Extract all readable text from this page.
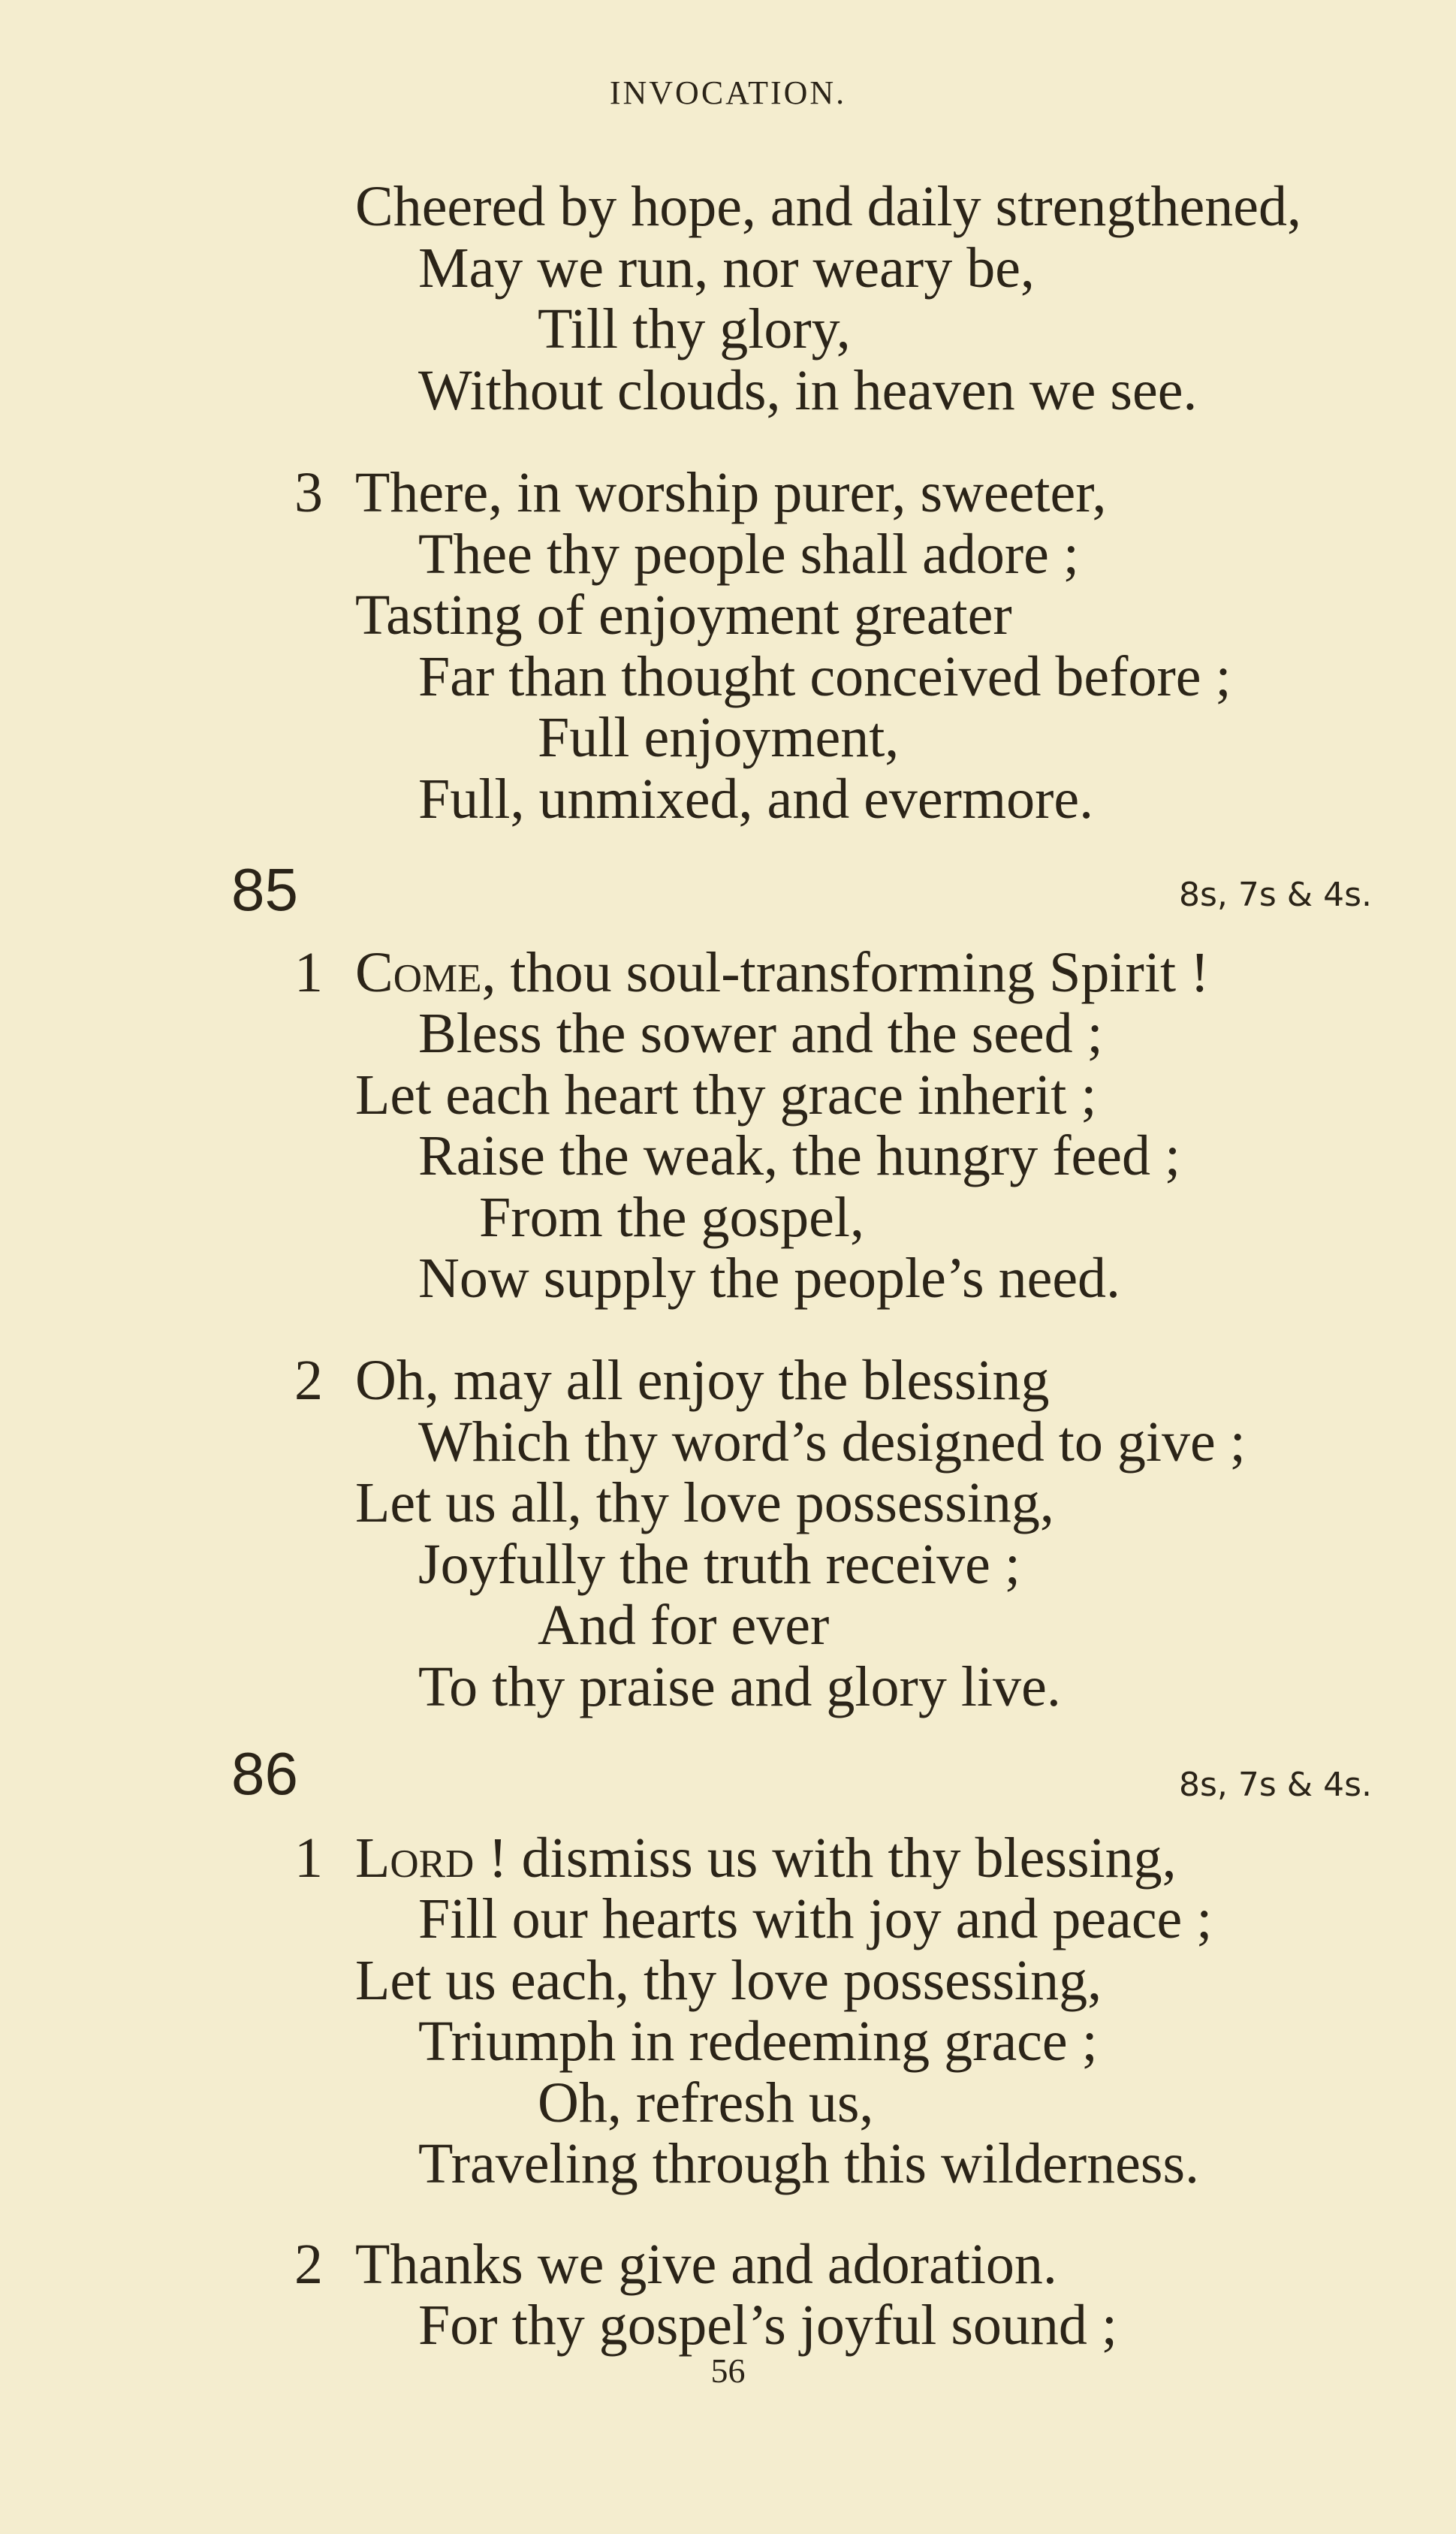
INVOCATION.
Cheered by hope, and daily strengthened,
May we run, nor weary be,
Till thy glory,
Without clouds, in heaven we see.
3 There, in worship purer, sweeter,
Thee thy people shall adore ;
Tasting of enjoyment greater
Far than thought conceived before ;
Full enjoyment,
Full, unmixed, and evermore.
85	8s, 7s & 4s.
1 Come, thou soul-transforming Spirit !
Bless the sower and the seed ;
Let each heart thy grace inherit ;
Raise the weak, the hungry feed ;
From the gospel,
Now supply the people’s need.
2 Oh, may all enjoy the blessing
Which thy word’s designed to give ;
Let us all, thy love possessing,
Joyfully the truth receive ;
And for ever
To thy praise and glory live.
86	8s, 7s & 4s.
1 Lord ! dismiss us with thy blessing,
Fill our hearts with joy and peace ;
Let us each, thy love possessing,
Triumph in redeeming grace ;
Oh, refresh us,
Traveling through this wilderness.
2 Thanks we give and adoration.
For thy gospel’s joyful sound ;
56
